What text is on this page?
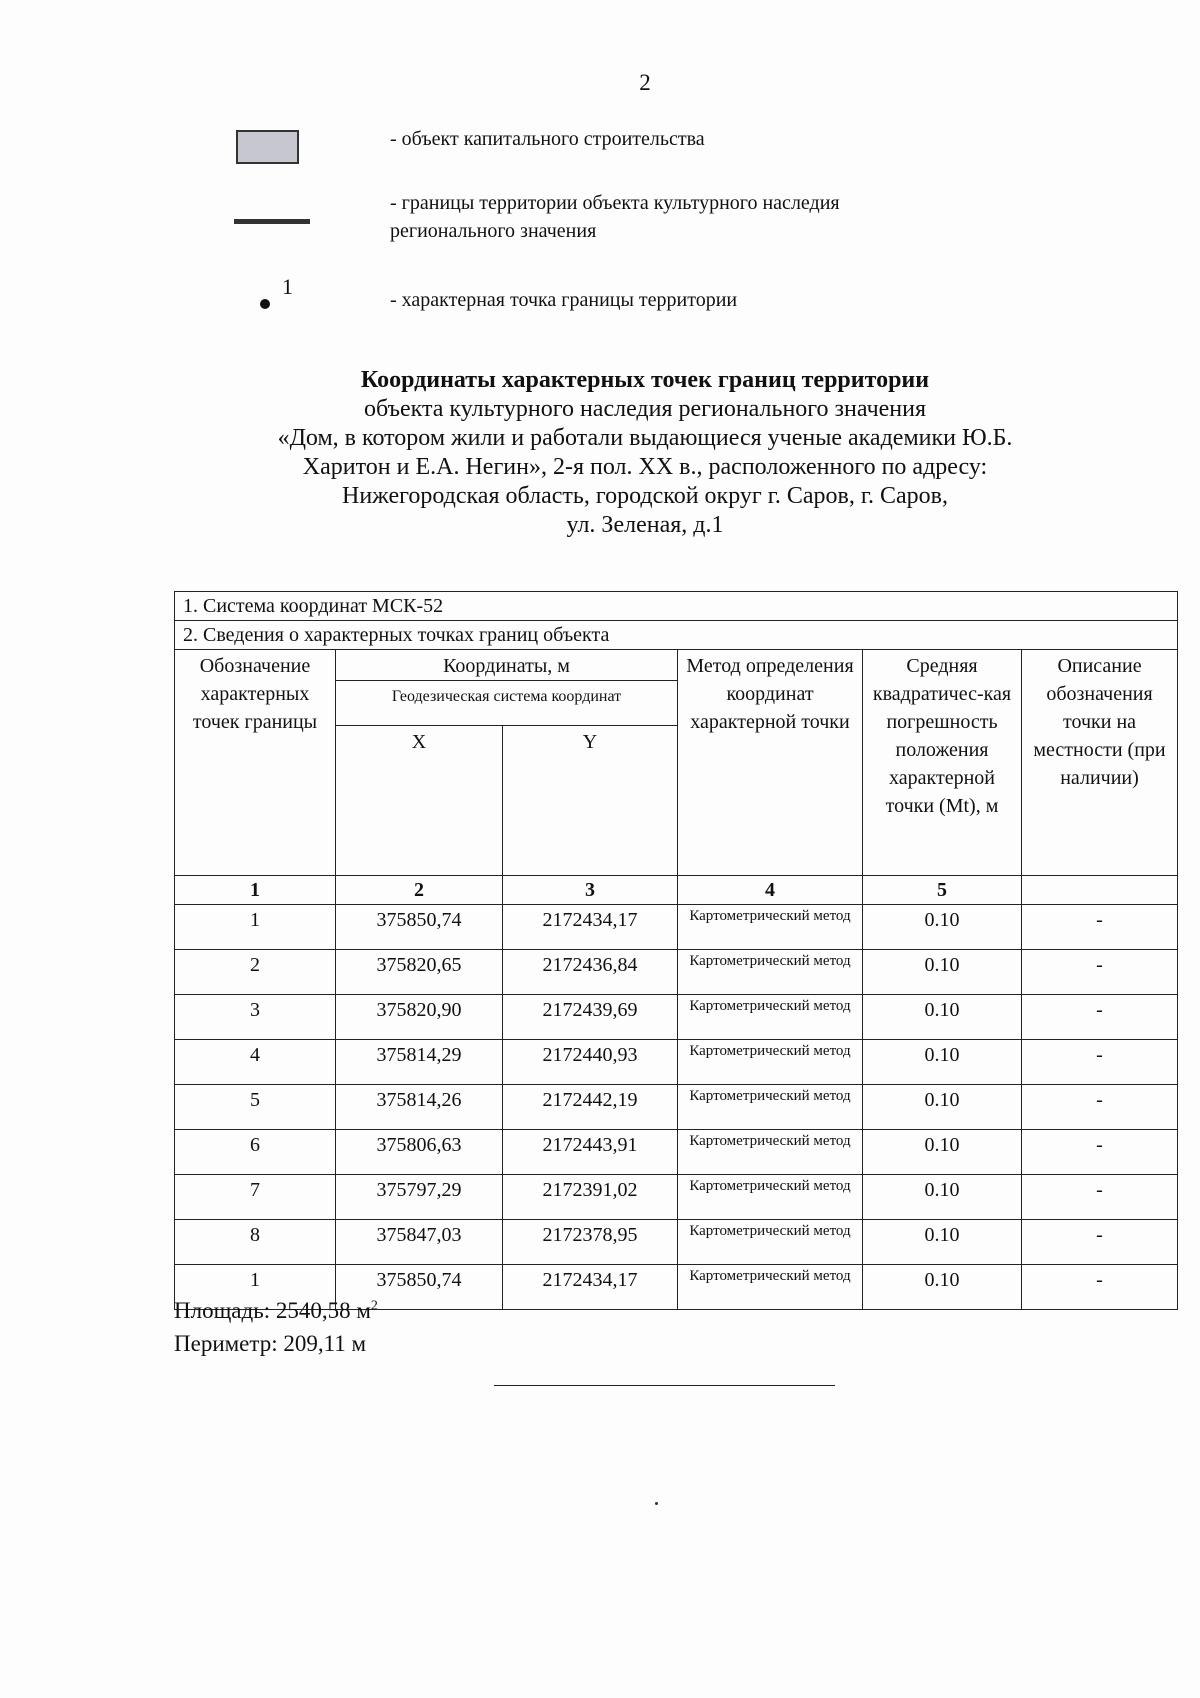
2
- объект капитального строительства
- границы территории объекта культурного наследия
регионального значения
1
- характерная точка границы территории
Координаты характерных точек границ территории
объекта культурного наследия регионального значения
«Дом, в котором жили и работали выдающиеся ученые академики Ю.Б.
Харитон и Е.А. Негин», 2-я пол. XX в., расположенного по адресу:
Нижегородская область, городской округ г. Саров, г. Саров,
ул. Зеленая, д.1
1. Система координат МСК-52					
2. Сведения о характерных точках границ объекта					
Обозначение характерных точек границы	Координаты, м		Метод определения координат характерной точки	Средняя квадратичес-кая погрешность положения характерной точки (Mt), м	Описание обозначения точки на местности (при наличии)
	Геодезическая система координат				
	X	Y			
1	2	3	4	5	
1	375850,74	2172434,17	Картометрический метод	0.10	-
2	375820,65	2172436,84	Картометрический метод	0.10	-
3	375820,90	2172439,69	Картометрический метод	0.10	-
4	375814,29	2172440,93	Картометрический метод	0.10	-
5	375814,26	2172442,19	Картометрический метод	0.10	-
6	375806,63	2172443,91	Картометрический метод	0.10	-
7	375797,29	2172391,02	Картометрический метод	0.10	-
8	375847,03	2172378,95	Картометрический метод	0.10	-
1	375850,74	2172434,17	Картометрический метод	0.10	-
Площадь: 2540,58 $м^2$
Периметр: 209,11 м
